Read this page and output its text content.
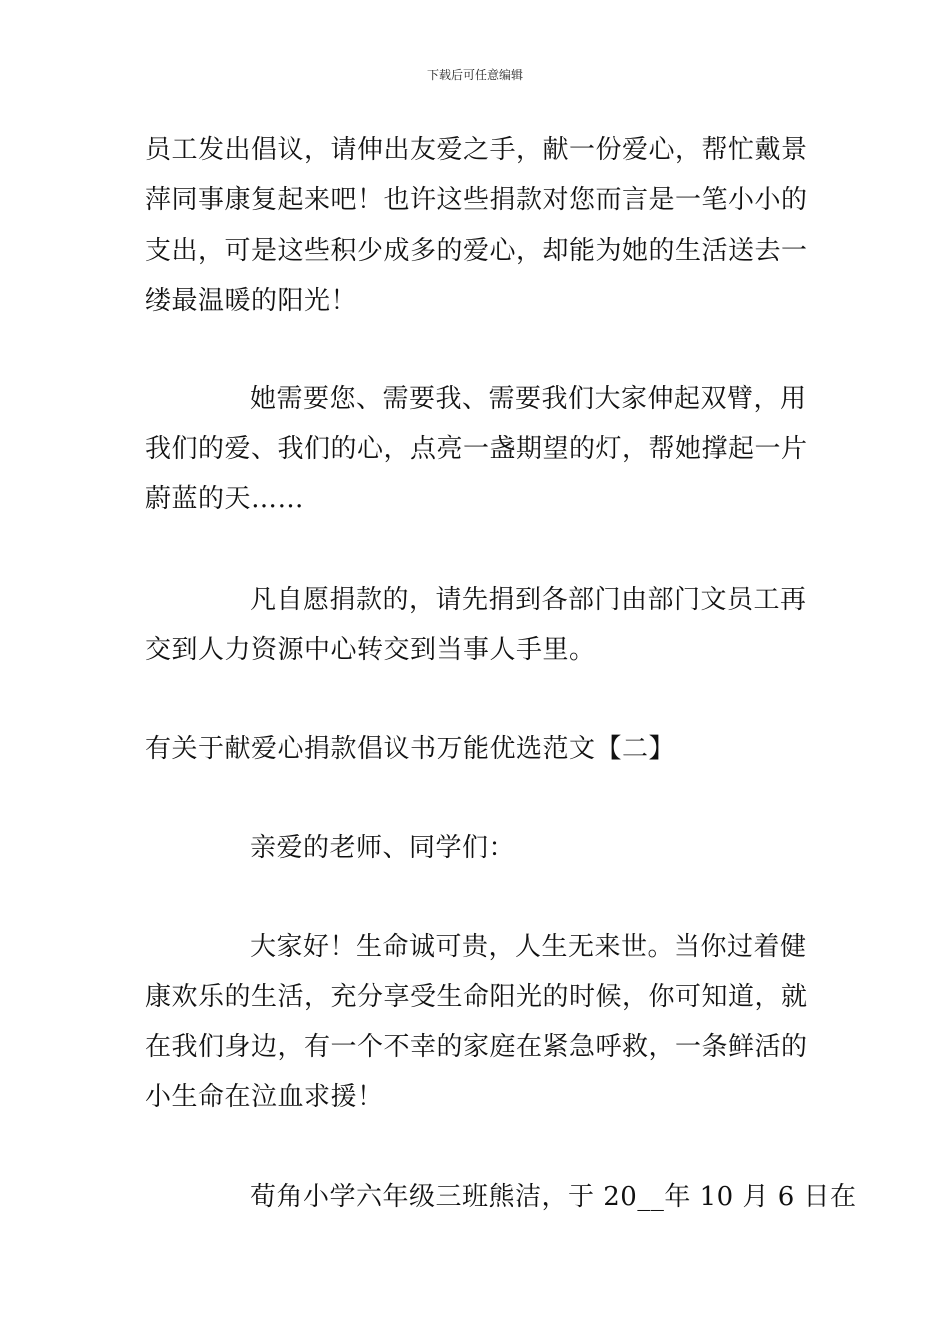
下载后可任意编辑
员工发出倡议，请伸出友爱之手，献一份爱心，帮忙戴景
萍同事康复起来吧！也许这些捐款对您而言是一笔小小的
支出，可是这些积少成多的爱心，却能为她的生活送去一
缕最温暖的阳光！
她需要您、需要我、需要我们大家伸起双臂，用
我们的爱、我们的心，点亮一盏期望的灯，帮她撑起一片
蔚蓝的天……
凡自愿捐款的，请先捐到各部门由部门文员工再
交到人力资源中心转交到当事人手里。
有关于献爱心捐款倡议书万能优选范文【二】
亲爱的老师、同学们：
大家好！生命诚可贵，人生无来世。当你过着健
康欢乐的生活，充分享受生命阳光的时候，你可知道，就
在我们身边，有一个不幸的家庭在紧急呼救，一条鲜活的
小生命在泣血求援！
荀角小学六年级三班熊洁，于 20__年 10 月 6 日在
